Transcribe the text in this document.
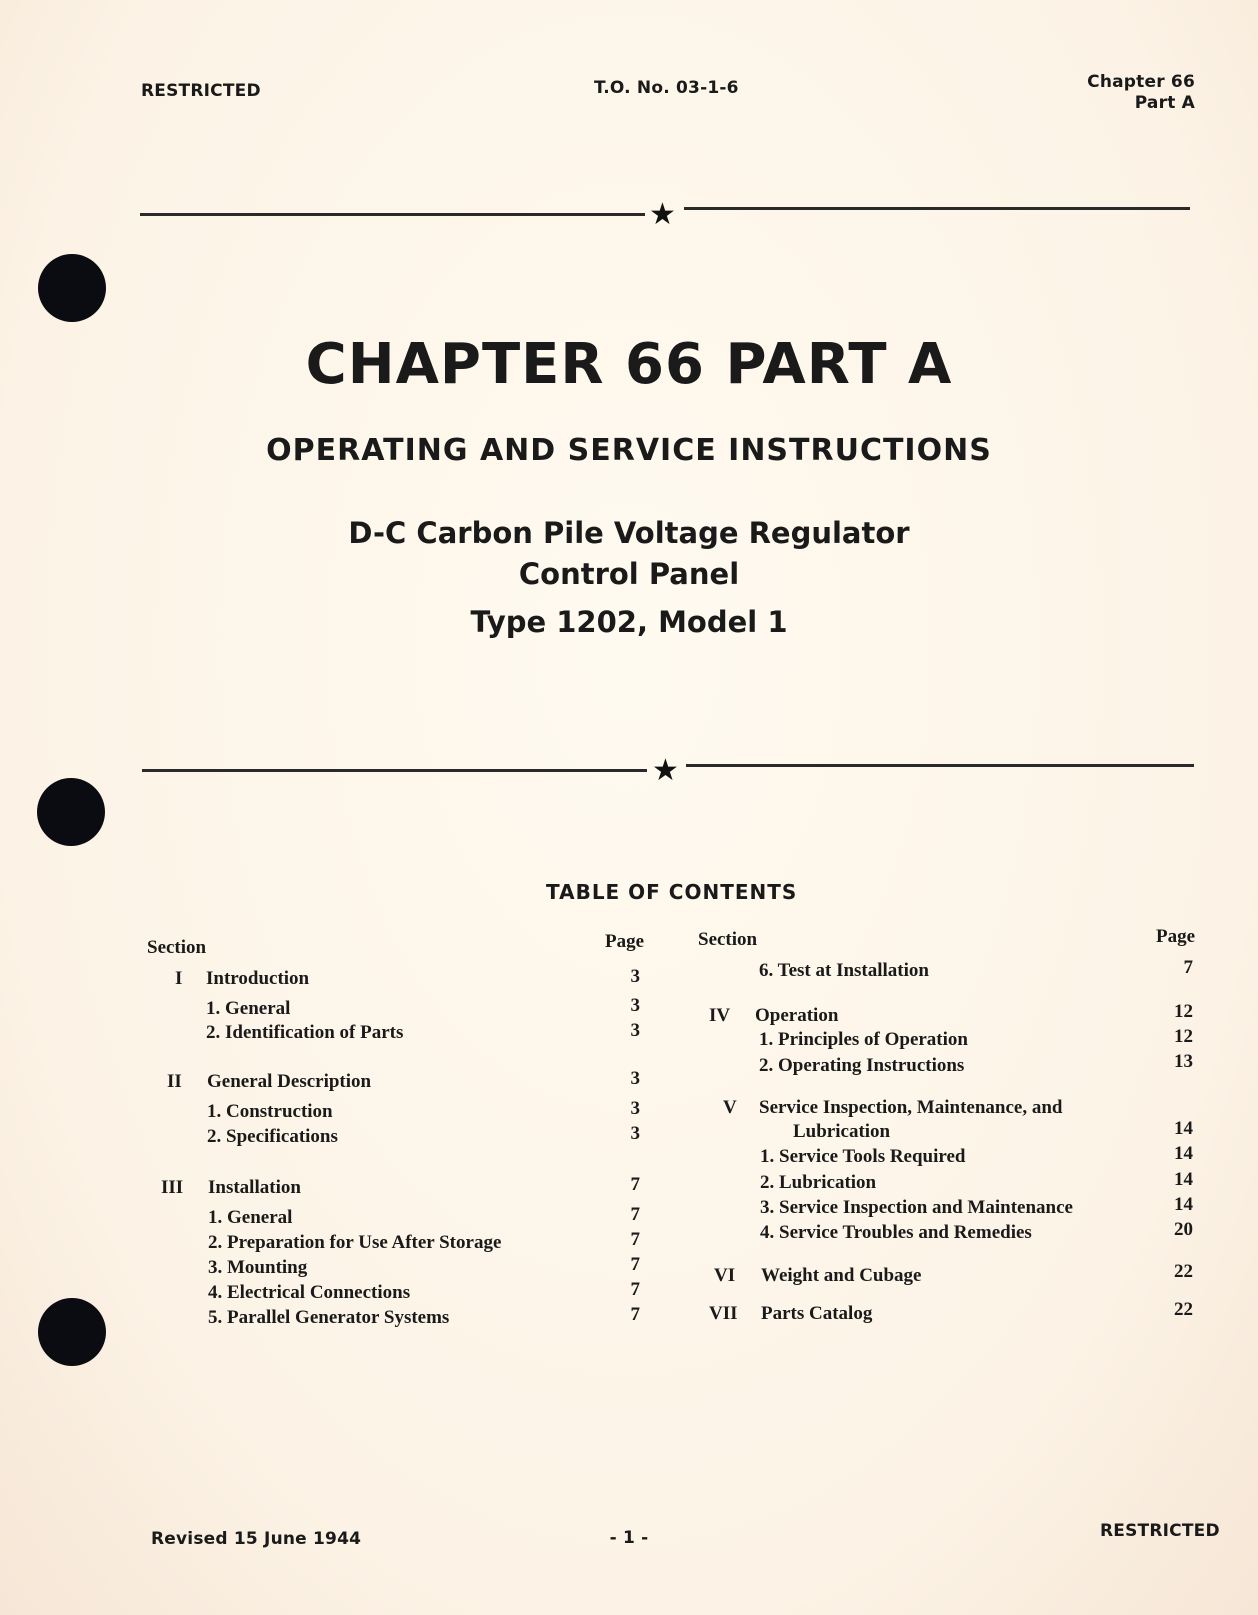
RESTRICTED	T.O. No. 03-1-6	Chapter 66
Part A
★
CHAPTER 66 PART A
OPERATING AND SERVICE INSTRUCTIONS
D-C Carbon Pile Voltage Regulator
Control Panel
Type 1202, Model 1
★
TABLE OF CONTENTS
Section	Page
I Introduction	3
1. General	3
2. Identification of Parts	3
II General Description	3
1. Construction	3
2. Specifications	3
III Installation	7
1. General	7
2. Preparation for Use After Storage	7
3. Mounting	7
4. Electrical Connections	7
5. Parallel Generator Systems	7
Section	Page
6. Test at Installation	7
IV Operation	12
1. Principles of Operation	12
2. Operating Instructions	13
V Service Inspection, Maintenance, and
Lubrication	14
1. Service Tools Required	14
2. Lubrication	14
3. Service Inspection and Maintenance	14
4. Service Troubles and Remedies	20
VI Weight and Cubage	22
VII Parts Catalog	22
Revised 15 June 1944	- 1 -	RESTRICTED
